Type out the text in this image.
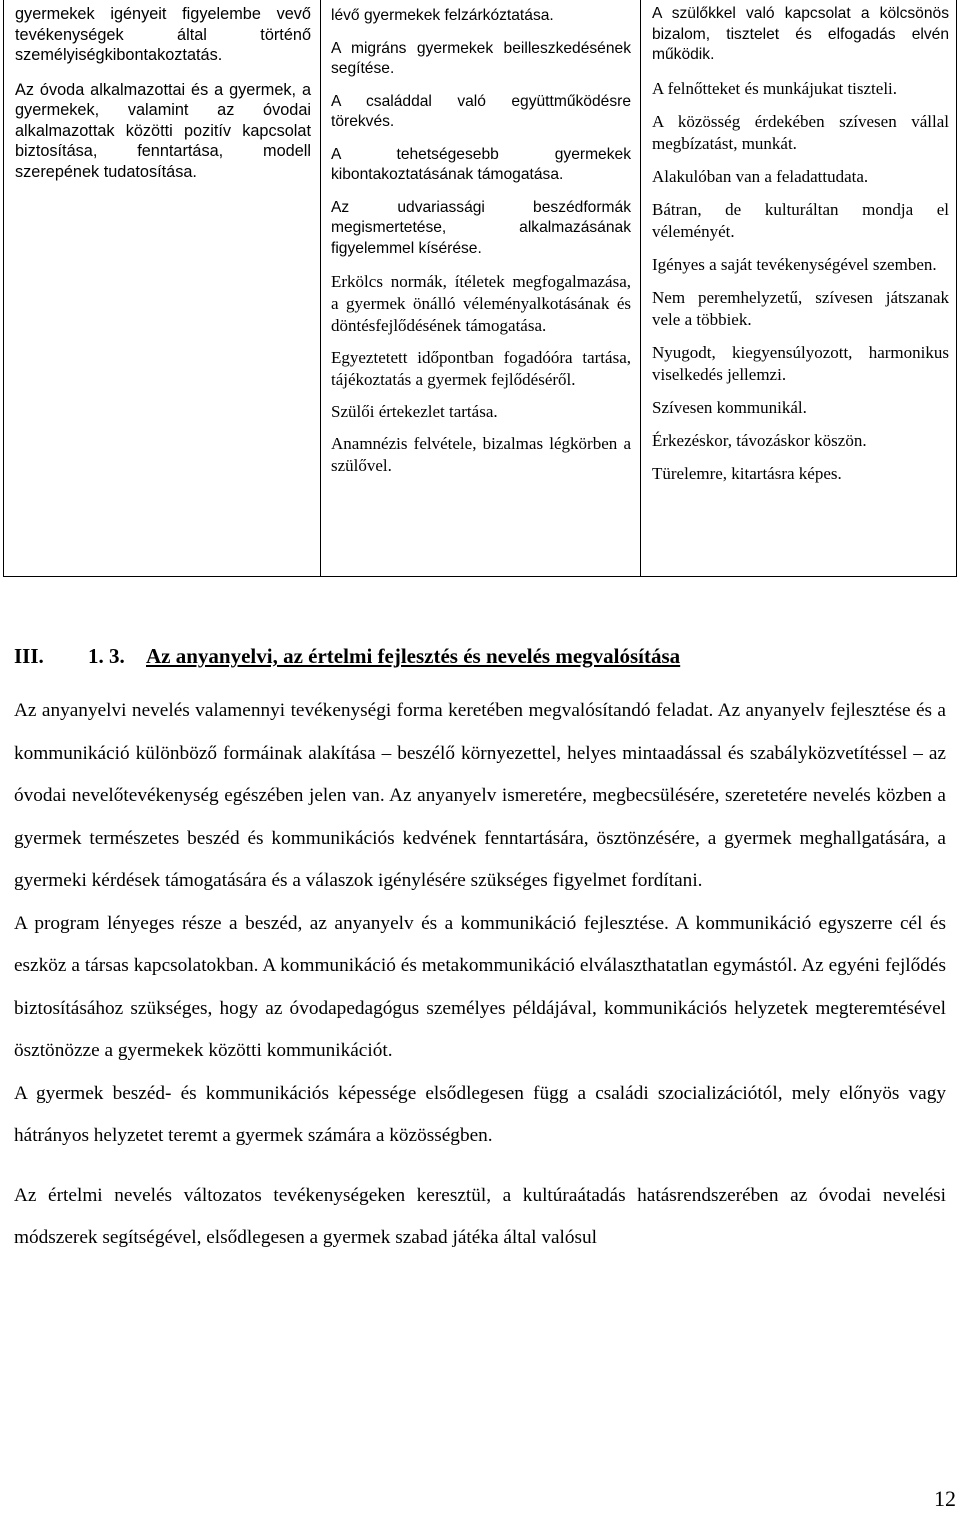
gyermekek igényeit figyelembe vevő tevékenységek által történő személyiségkibontakoztatás.

Az óvoda alkalmazottai és a gyermek, a gyermekek, valamint az óvodai alkalmazottak közötti pozitív kapcsolat biztosítása, fenntartása, modell szerepének tudatosítása.

lévő gyermekek felzárkóztatása.

A migráns gyermekek beilleszkedésének segítése.

A családdal való együttműködésre törekvés.

A tehetségesebb gyermekek kibontakoztatásának támogatása.

Az udvariassági beszédformák megismertetése, alkalmazásának figyelemmel kísérése.

Erkölcs normák, ítéletek megfogalmazása, a gyermek önálló véleményalkotásának és döntésfejlődésének támogatása.

Egyeztetett időpontban fogadóóra tartása, tájékoztatás a gyermek fejlődéséről.

Szülői értekezlet tartása.

Anamnézis felvétele, bizalmas légkörben a szülővel.

A szülőkkel való kapcsolat a kölcsönös bizalom, tisztelet és elfogadás elvén működik.

A felnőtteket és munkájukat tiszteli.

A közösség érdekében szívesen vállal megbízatást, munkát.

Alakulóban van a feladattudata.

Bátran, de kulturáltan mondja el véleményét.

Igényes a saját tevékenységével szemben.

Nem peremhelyzetű, szívesen játszanak vele a többiek.

Nyugodt, kiegyensúlyozott, harmonikus viselkedés jellemzi.

Szívesen kommunikál.

Érkezéskor, távozáskor köszön.

Türelemre, kitartásra képes.

III. 1. 3. Az anyanyelvi, az értelmi fejlesztés és nevelés megvalósítása

Az anyanyelvi nevelés valamennyi tevékenységi forma keretében megvalósítandó feladat. Az anyanyelv fejlesztése és a kommunikáció különböző formáinak alakítása – beszélő környezettel, helyes mintaadással és szabályközvetítéssel – az óvodai nevelőtevékenység egészében jelen van. Az anyanyelv ismeretére, megbecsülésére, szeretetére nevelés közben a gyermek természetes beszéd és kommunikációs kedvének fenntartására, ösztönzésére, a gyermek meghallgatására, a gyermeki kérdések támogatására és a válaszok igénylésére szükséges figyelmet fordítani.

A program lényeges része a beszéd, az anyanyelv és a kommunikáció fejlesztése. A kommunikáció egyszerre cél és eszköz a társas kapcsolatokban. A kommunikáció és metakommunikáció elválaszthatatlan egymástól. Az egyéni fejlődés biztosításához szükséges, hogy az óvodapedagógus személyes példájával, kommunikációs helyzetek megteremtésével ösztönözze a gyermekek közötti kommunikációt.

A gyermek beszéd- és kommunikációs képessége elsődlegesen függ a családi szocializációtól, mely előnyös vagy hátrányos helyzetet teremt a gyermek számára a közösségben.

Az értelmi nevelés változatos tevékenységeken keresztül, a kultúraátadás hatásrendszerében az óvodai nevelési módszerek segítségével, elsődlegesen a gyermek szabad játéka által valósul

12
